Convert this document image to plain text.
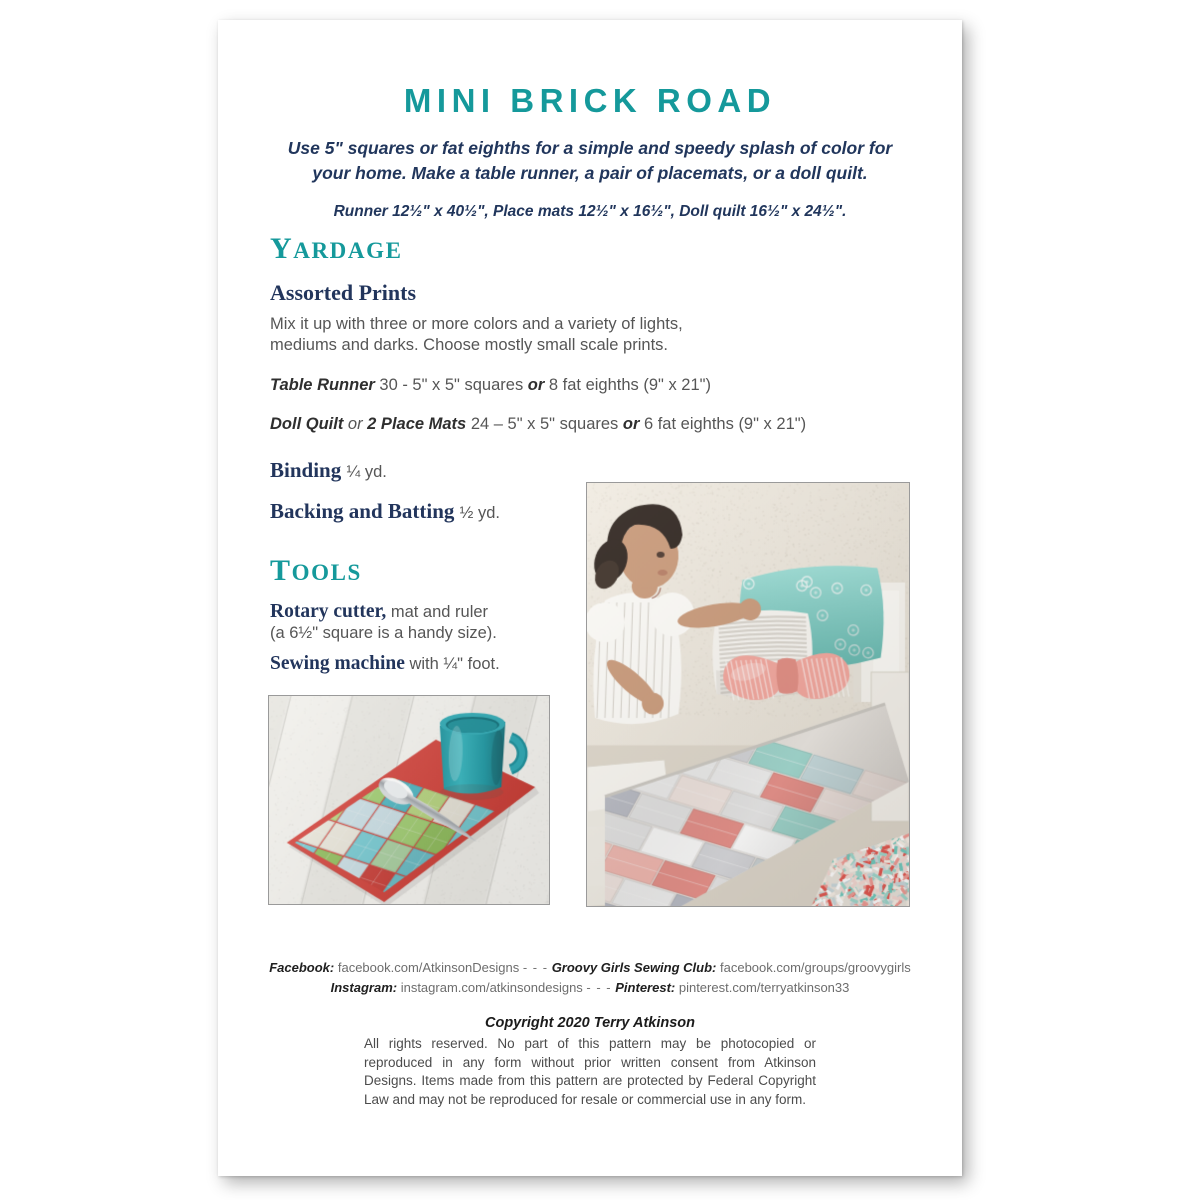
MINI BRICK ROAD

Use 5" squares or fat eighths for a simple and speedy splash of color for your home. Make a table runner, a pair of placemats, or a doll quilt.

Runner 12½" x 40½", Place mats 12½" x 16½", Doll quilt 16½" x 24½".

YARDAGE
Assorted Prints

Mix it up with three or more colors and a variety of lights, mediums and darks. Choose mostly small scale prints.

Table Runner 30 - 5" x 5" squares or 8 fat eighths (9" x 21")

Doll Quilt or 2 Place Mats 24 – 5" x 5" squares or 6 fat eighths (9" x 21")

Binding ¼ yd.

Backing and Batting ½ yd.

TOOLS

Rotary cutter, mat and ruler
(a 6½" square is a handy size).

Sewing machine with ¼" foot.

Facebook: facebook.com/AtkinsonDesigns - - - Groovy Girls Sewing Club: facebook.com/groups/groovygirls
Instagram: instagram.com/atkinsondesigns - - - Pinterest: pinterest.com/terryatkinson33
Copyright 2020 Terry Atkinson
All rights reserved. No part of this pattern may be photocopied or reproduced in any form without prior written consent from Atkinson Designs. Items made from this pattern are protected by Federal Copyright Law and may not be reproduced for resale or commercial use in any form.
